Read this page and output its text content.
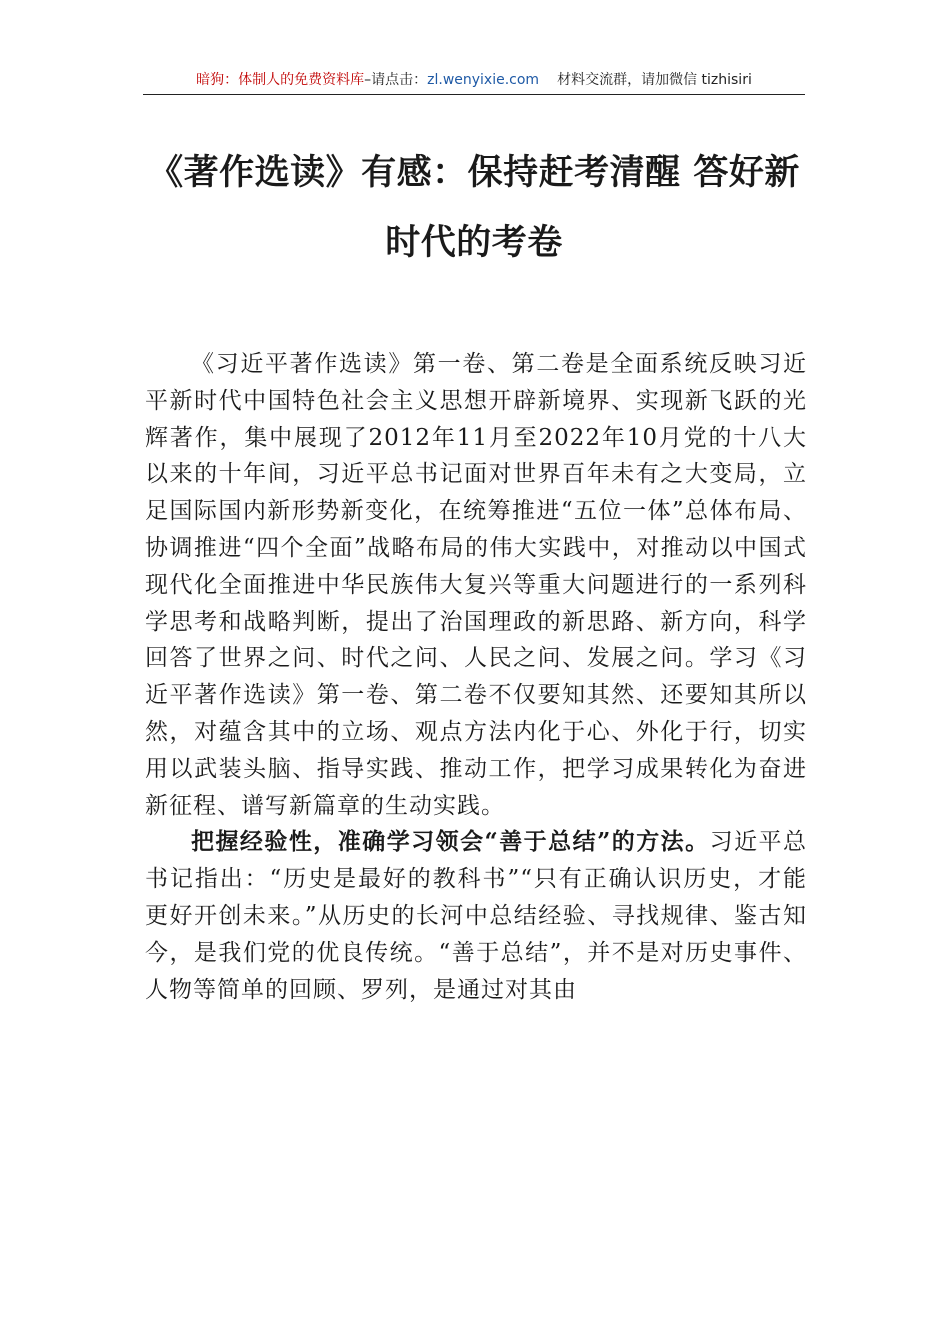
暗狗：体制人的免费资料库–请点击：zl.wenyixie.com 材料交流群，请加微信 tizhisiri
《著作选读》有感：保持赶考清醒 答好新
时代的考卷

《习近平著作选读》第一卷、第二卷是全面系统反映习近平新时代中国特色社会主义思想开辟新境界、实现新飞跃的光辉著作，集中展现了2012年11月至2022年10月党的十八大以来的十年间，习近平总书记面对世界百年未有之大变局，立足国际国内新形势新变化，在统筹推进“五位一体”总体布局、协调推进“四个全面”战略布局的伟大实践中，对推动以中国式现代化全面推进中华民族伟大复兴等重大问题进行的一系列科学思考和战略判断，提出了治国理政的新思路、新方向，科学回答了世界之问、时代之问、人民之问、发展之问。学习《习近平著作选读》第一卷、第二卷不仅要知其然、还要知其所以然，对蕴含其中的立场、观点方法内化于心、外化于行，切实用以武装头脑、指导实践、推动工作，把学习成果转化为奋进新征程、谱写新篇章的生动实践。

把握经验性，准确学习领会“善于总结”的方法。习近平总书记指出：“历史是最好的教科书”“只有正确认识历史，才能更好开创未来。”从历史的长河中总结经验、寻找规律、鉴古知今，是我们党的优良传统。“善于总结”，并不是对历史事件、人物等简单的回顾、罗列，是通过对其由
